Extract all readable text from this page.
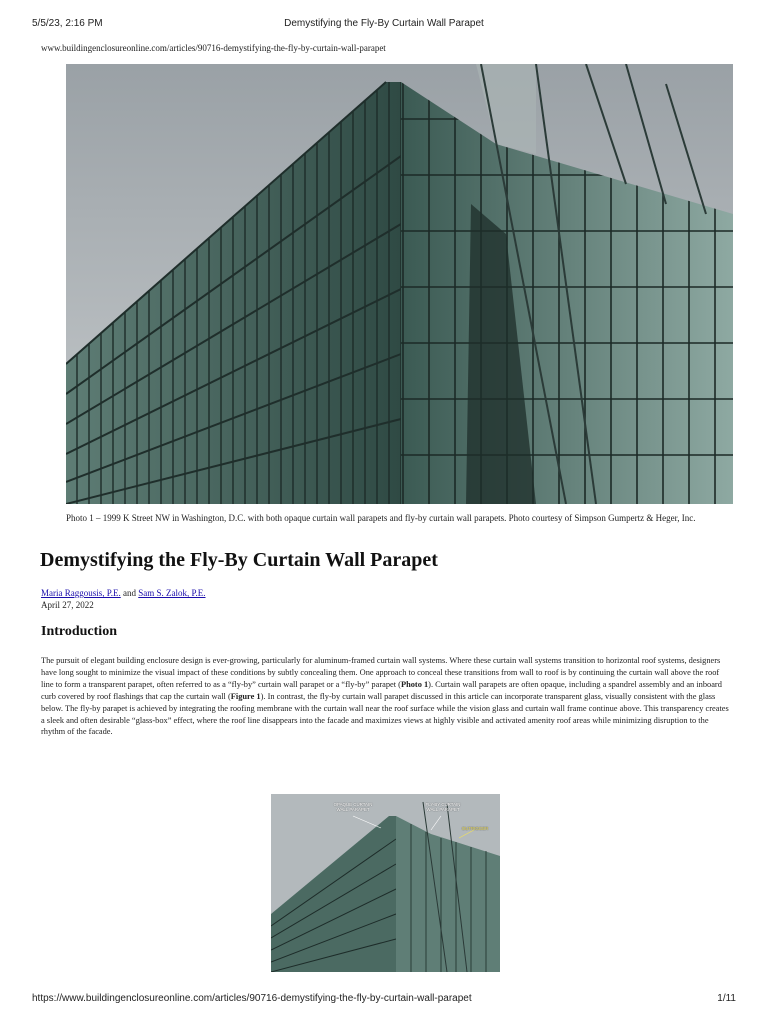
5/5/23, 2:16 PM	Demystifying the Fly-By Curtain Wall Parapet
www.buildingenclosureonline.com/articles/90716-demystifying-the-fly-by-curtain-wall-parapet
Photo 1 – 1999 K Street NW in Washington, D.C. with both opaque curtain wall parapets and fly-by curtain wall parapets. Photo courtesy of Simpson Gumpertz & Heger, Inc.
Demystifying the Fly-By Curtain Wall Parapet
Maria Raggousis, P.E. and Sam S. Zalok, P.E.
April 27, 2022
Introduction

The pursuit of elegant building enclosure design is ever-growing, particularly for aluminum-framed curtain wall systems. Where these curtain wall systems transition to horizontal roof systems, designers have long sought to minimize the visual impact of these conditions by subtly concealing them. One approach to conceal these transitions from wall to roof is by continuing the curtain wall above the roof line to form a transparent parapet, often referred to as a “fly-by” curtain wall parapet or a “fly-by” parapet (Photo 1). Curtain wall parapets are often opaque, including a spandrel assembly and an inboard curb covered by roof flashings that cap the curtain wall (Figure 1). In contrast, the fly-by curtain wall parapet discussed in this article can incorporate transparent glass, visually consistent with the glass below. The fly-by parapet is achieved by integrating the roofing membrane with the curtain wall near the roof surface while the vision glass and curtain wall frame continue above. This transparency creates a sleek and often desirable “glass-box” effect, where the roof line disappears into the facade and maximizes views at highly visible and activated amenity roof areas while minimizing disruption to the rhythm of the facade.

OPAQUE CURTAIN WALL PARAPET
FLY-BY CURTAIN WALL PARAPET
OUTRIGGER
https://www.buildingenclosureonline.com/articles/90716-demystifying-the-fly-by-curtain-wall-parapet	1/11
